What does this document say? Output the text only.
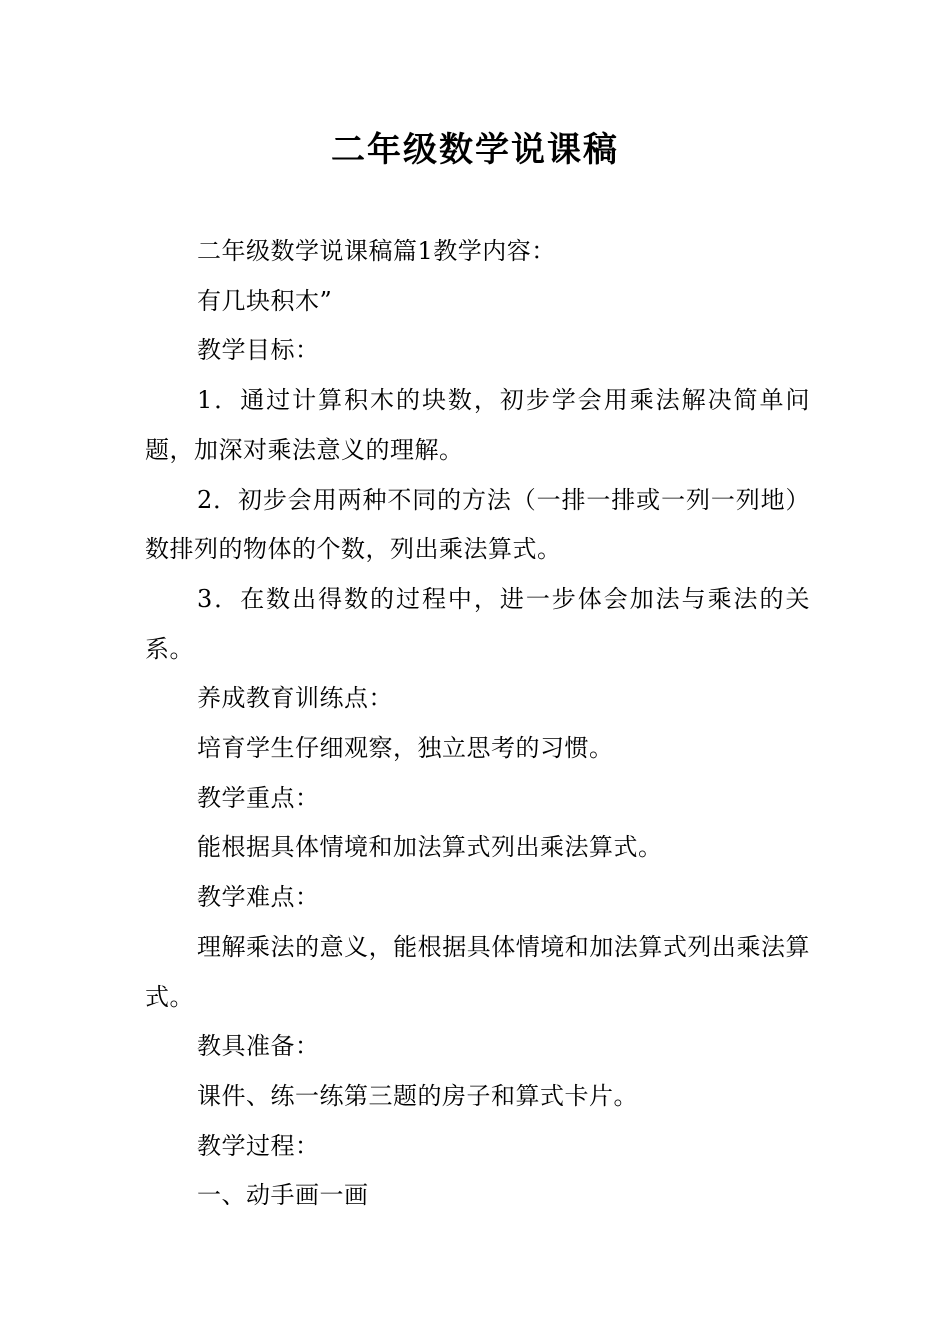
二年级数学说课稿

二年级数学说课稿篇1教学内容：

有几块积木”

教学目标：

1．通过计算积木的块数，初步学会用乘法解决简单问题，加深对乘法意义的理解。

2．初步会用两种不同的方法（一排一排或一列一列地）数排列的物体的个数，列出乘法算式。

3．在数出得数的过程中，进一步体会加法与乘法的关系。

养成教育训练点：

培育学生仔细观察，独立思考的习惯。

教学重点：

能根据具体情境和加法算式列出乘法算式。

教学难点：

理解乘法的意义，能根据具体情境和加法算式列出乘法算式。

教具准备：

课件、练一练第三题的房子和算式卡片。

教学过程：

一、动手画一画
